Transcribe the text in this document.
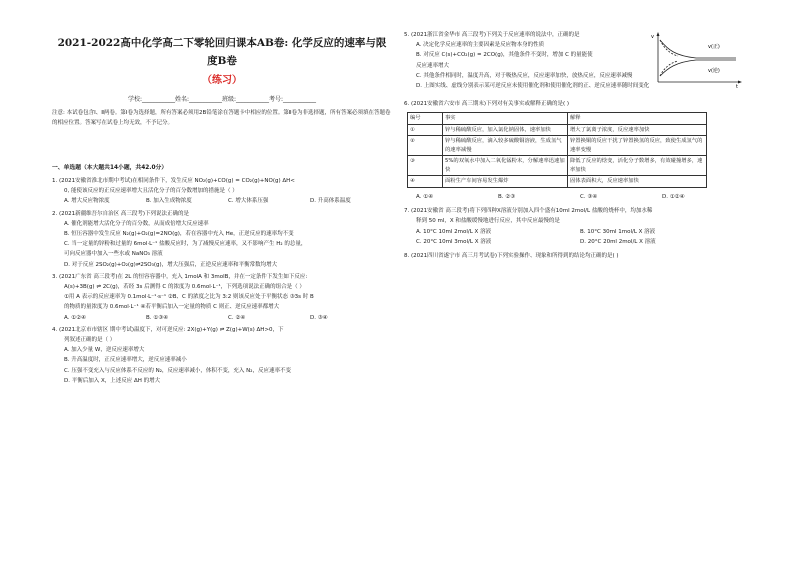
2021-2022高中化学高二下零轮回归课本AB卷: 化学反应的速率与限
度B卷
（练习）
学校:___________姓名:___________班级:___________考号:___________
注意: 本试卷包含Ⅰ、Ⅱ两卷。第Ⅰ卷为选择题，所有答案必须用2B铅笔涂在答题卡中相应的位置。第Ⅱ卷为非选择题，所有答案必须填在答题卷的相应位置。答案写在试卷上均无效，不予记分。
一、单选题（本大题共14小题，共42.0分）

1. (2021安徽省淮北市期中考试)在相同条件下，发生反应 NO₂(g)+CO(g) = CO₂(g)+NO(g) ΔH<

0, 能使该反应的正反应速率增大且活化分子的百分数增加的措施是（ ）

A. 增大反应物浓度	B. 加入生成物浓度	C. 增大体系压强	D. 升高体系温度

2. (2021新疆维吾尔自治区 高三段考)下列说法正确的是

A. 催化剂能增大活化分子的百分数，从而成倍增大反应速率

B. 恒压容器中发生反应 N₂(g)+O₂(g)=2NO(g)，若在容器中充入 He，正逆反应的速率均不变

C. 当一定量的锌粉和过量的 6mol·L⁻¹ 盐酸反应时，为了减慢反应速率，又不影响产生 H₂ 的总量，

可向反应器中加入一些水或 NaNO₃ 溶液

D. 对于反应 2SO₂(g)+O₂(g)⇌2SO₃(g)，增大压强后，正逆反应速率和平衡常数均增大

3. (2021广东省 高三段考)在 2L 的恒容容器中，充入 1molA 和 3molB，并在一定条件下发生如下反应:

A(s)+3B(g) ⇌ 2C(g)，若经 3s 后测得 C 的浓度为 0.6mol·L⁻¹，下列选项说法正确的组合是（ ）

①用 A 表示的反应速率为 0.1mol·L⁻¹·s⁻¹ ②B、C 的浓度之比为 3:2 则该反应处于平衡状态 ③3s 时 B

的物质的量浓度为 0.6mol·L⁻¹ ④若平衡后加入一定量的物质 C 则正、逆反应速率都增大

A. ①②④	B. ①③④	C. ②④	D. ③④

4. (2021北京市市辖区 期中考试)温度下，对可逆反应: 2X(g)+Y(g) ⇌ Z(g)+W(s) ΔH>0，下

列叙述正确的是（ ）

A. 加入少量 W，逆反应速率增大

B. 升高温度时，正反应速率增大，逆反应速率减小

C. 压强不变充入与反应体系不反应的 N₂，反应速率减小，体积不变，充入 N₂，反应速率不变

D. 平衡后加入 X，上述反应 ΔH 的增大

5. (2021浙江省金华市 高三段考)下列关于反应速率的说法中，正确的是

A. 决定化学反应速率的主要因素是反应物本身的性质

B. 对反应 C(s)+CO₂(g) = 2CO(g)，其他条件不变时，增加 C 的量能使

反应速率增大

C. 其他条件相同时，温度升高，对于吸热反应，反应速率加快，放热反应，反应速率减慢

D. 上图实线、虚线分别表示某可逆反应未使用催化剂和使用催化剂的正、逆反应速率随时间变化

v(正)
v(逆)
v
t

6. (2021安徽省六安市 高三期末)下列对有关事实或解释正确的是( )

编号	事实	解释
①	锌与稀硫酸反应，加入氯化钠固体，速率加快	增大了氯离子浓度，反应速率加快
②	锌与稀硫酸反应，滴入较多硫酸铜溶液，生成氢气的速率减慢	锌置换铜的反应干扰了锌置换氢的反应，致使生成氢气的速率变慢
③	5%的双氧水中加入二氧化锰粉末，分解速率迅速加快	降低了反应的焓变，活化分子数增多，有效碰撞增多，速率加快
④	面粉生产车间容易发生爆炸	固体表面积大，反应速率加快

A. ①④	B. ②③	C. ③④	D. ①②④

7. (2021安徽省 高三段考)将下列四种X溶液分别加入四个盛有10ml 2mol/L 盐酸的烧杯中，均加水稀

释到 50 ml，X 和盐酸缓慢地进行反应，其中反应最慢的是

A. 10°C 10ml 2mol/L X 溶液	B. 10°C 30ml 1mol/L X 溶液

C. 20°C 10ml 3mol/L X 溶液	D. 20°C 20ml 2mol/L X 溶液

8. (2021四川省遂宁市 高三月考试卷)下列实验操作、现象和所得到的结论均正确的是( )
